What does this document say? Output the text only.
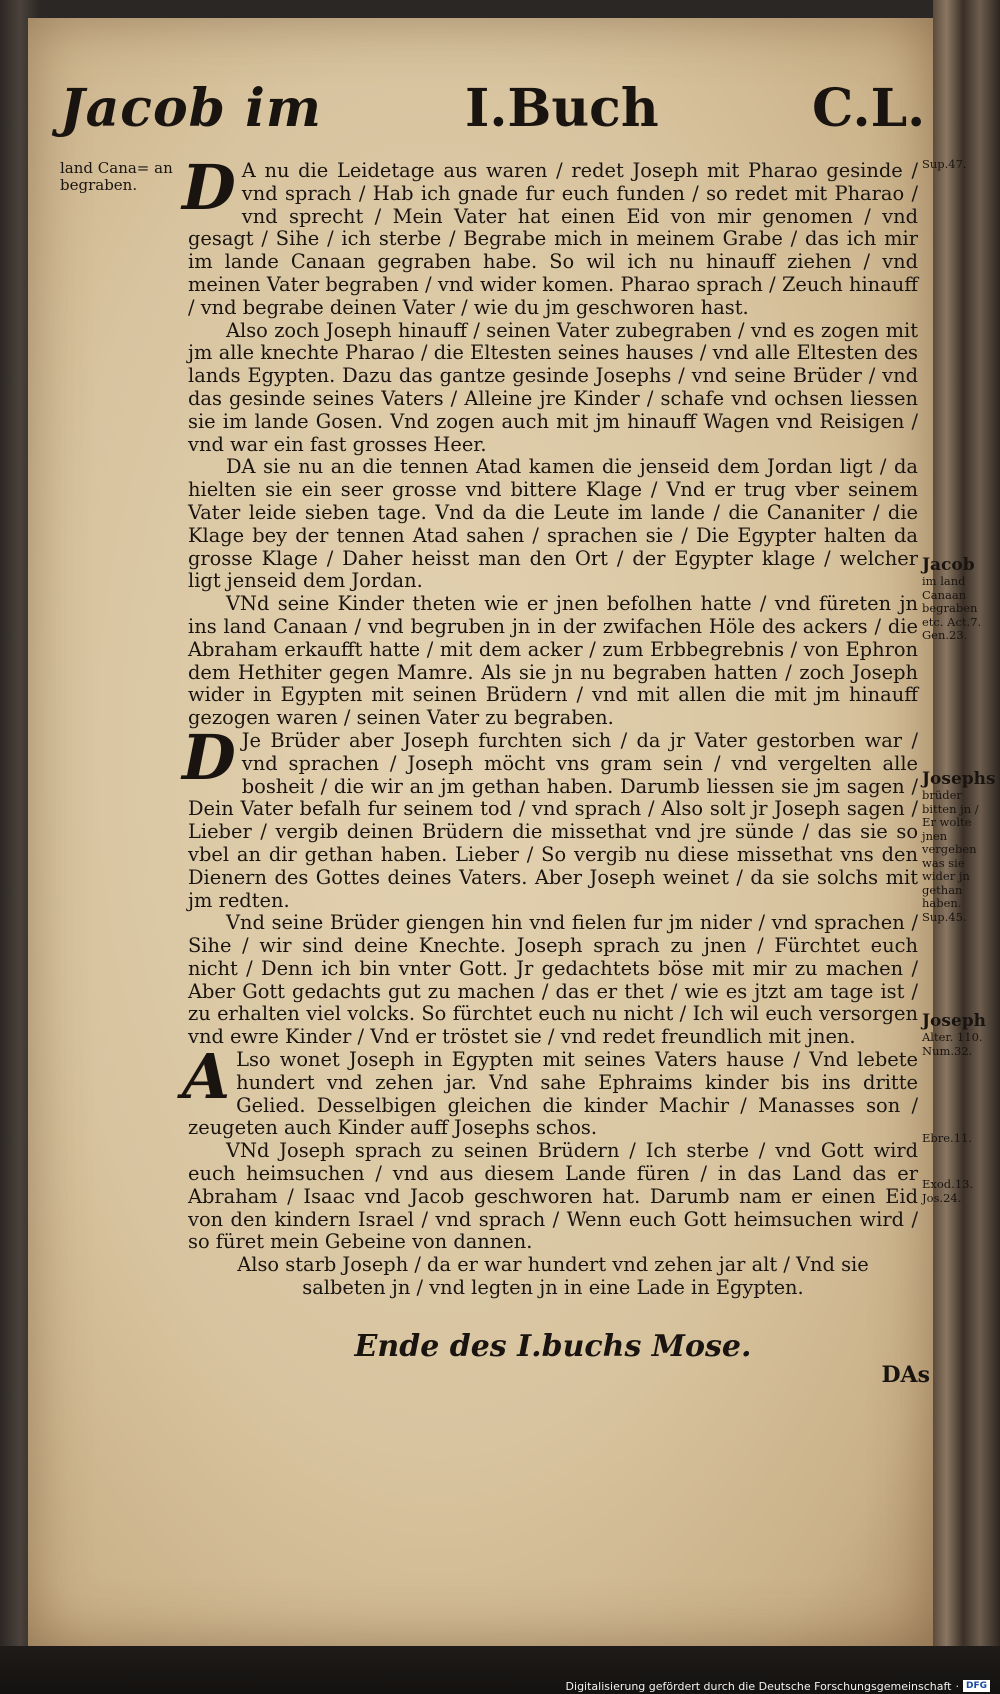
Jacob im	I.Buch	C.L.
land Cana= an begraben. D A nu die Leidetage aus waren / redet Joseph mit Pharao gesinde / vnd sprach / Hab ich gnade fur euch funden / so redet mit Pharao / vnd sprecht / Mein Vater hat einen Eid von mir genomen / vnd gesagt / Sihe / ich sterbe / Begrabe mich in meinem Grabe / das ich mir im lande Canaan gegraben habe. So wil ich nu hinauff ziehen / vnd meinen Vater begraben / vnd wider komen. Pharao sprach / Zeuch hinauff / vnd begrabe deinen Vater / wie du jm geschworen hast.

Also zoch Joseph hinauff / seinen Vater zubegraben / vnd es zogen mit jm alle knechte Pharao / die Eltesten seines hauses / vnd alle Eltesten des lands Egypten. Dazu das gantze gesinde Josephs / vnd seine Brüder / vnd das gesinde seines Vaters / Alleine jre Kinder / schafe vnd ochsen liessen sie im lande Gosen. Vnd zogen auch mit jm hinauff Wagen vnd Reisigen / vnd war ein fast grosses Heer.

DA sie nu an die tennen Atad kamen die jenseid dem Jordan ligt / da hielten sie ein seer grosse vnd bittere Klage / Vnd er trug vber seinem Vater leide sieben tage. Vnd da die Leute im lande / die Cananiter / die Klage bey der tennen Atad sahen / sprachen sie / Die Egypter halten da grosse Klage / Daher heisst man den Ort / der Egypter klage / welcher ligt jenseid dem Jordan.

VNd seine Kinder theten wie er jnen befolhen hatte / vnd füreten jn ins land Canaan / vnd begruben jn in der zwifachen Höle des ackers / die Abraham erkaufft hatte / mit dem acker / zum Erbbegrebnis / von Ephron dem Hethiter gegen Mamre. Als sie jn nu begraben hatten / zoch Joseph wider in Egypten mit seinen Brüdern / vnd mit allen die mit jm hinauff gezogen waren / seinen Vater zu begraben.

D Je Brüder aber Joseph furchten sich / da jr Vater gestorben war / vnd sprachen / Joseph möcht vns gram sein / vnd vergelten alle bosheit / die wir an jm gethan haben. Darumb liessen sie jm sagen / Dein Vater befalh fur seinem tod / vnd sprach / Also solt jr Joseph sagen / Lieber / vergib deinen Brüdern die missethat vnd jre sünde / das sie so vbel an dir gethan haben. Lieber / So vergib nu diese missethat vns den Dienern des Gottes deines Vaters. Aber Joseph weinet / da sie solchs mit jm redten.

Vnd seine Brüder giengen hin vnd fielen fur jm nider / vnd sprachen / Sihe / wir sind deine Knechte. Joseph sprach zu jnen / Fürchtet euch nicht / Denn ich bin vnter Gott. Jr gedachtets böse mit mir zu machen / Aber Gott gedachts gut zu machen / das er thet / wie es jtzt am tage ist / zu erhalten viel volcks. So fürchtet euch nu nicht / Ich wil euch versorgen vnd ewre Kinder / Vnd er tröstet sie / vnd redet freundlich mit jnen.

A Lso wonet Joseph in Egypten mit seines Vaters hause / Vnd lebete hundert vnd zehen jar. Vnd sahe Ephraims kinder bis ins dritte Gelied. Desselbigen gleichen die kinder Machir / Manasses son / zeugeten auch Kinder auff Josephs schos.

VNd Joseph sprach zu seinen Brüdern / Ich sterbe / vnd Gott wird euch heimsuchen / vnd aus diesem Lande füren / in das Land das er Abraham / Isaac vnd Jacob geschworen hat. Darumb nam er einen Eid von den kindern Israel / vnd sprach / Wenn euch Gott heimsuchen wird / so füret mein Gebeine von dannen.

Also starb Joseph / da er war hundert vnd zehen jar alt / Vnd sie salbeten jn / vnd legten jn in eine Lade in Egypten.

Ende des I.buchs Mose.
DAs
Sup.47.
Jacob
im land Canaan begraben etc. Act.7. Gen.23.
Josephs
brüder bitten jn / Er wolte jnen vergeben was sie wider jn gethan haben. Sup.45.
Joseph
Alter. 110. Num.32.
Ebre.11.
Exod.13. Jos.24.
Digitalisierung gefördert durch die Deutsche Forschungsgemeinschaft · DFG
